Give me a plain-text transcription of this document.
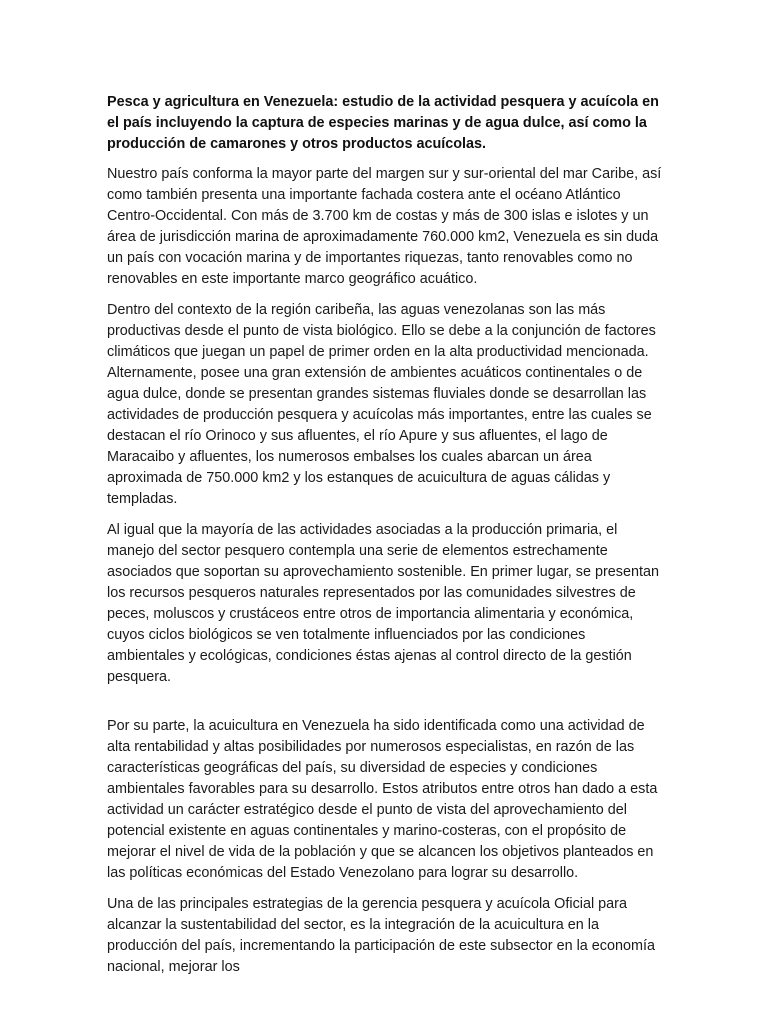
Pesca y agricultura en Venezuela: estudio de la actividad pesquera y acuícola en el país incluyendo la captura de especies marinas y de agua dulce, así como la producción de camarones y otros productos acuícolas.

Nuestro país conforma la mayor parte del margen sur y sur-oriental del mar Caribe, así como también presenta una importante fachada costera ante el océano Atlántico Centro-Occidental. Con más de 3.700 km de costas y más de 300 islas e islotes y un área de jurisdicción marina de aproximadamente 760.000 km2, Venezuela es sin duda un país con vocación marina y de importantes riquezas, tanto renovables como no renovables en este importante marco geográfico acuático.

Dentro del contexto de la región caribeña, las aguas venezolanas son las más productivas desde el punto de vista biológico. Ello se debe a la conjunción de factores climáticos que juegan un papel de primer orden en la alta productividad mencionada. Alternamente, posee una gran extensión de ambientes acuáticos continentales o de agua dulce, donde se presentan grandes sistemas fluviales donde se desarrollan las actividades de producción pesquera y acuícolas más importantes, entre las cuales se destacan el río Orinoco y sus afluentes, el río Apure y sus afluentes, el lago de Maracaibo y afluentes, los numerosos embalses los cuales abarcan un área aproximada de 750.000 km2 y los estanques de acuicultura de aguas cálidas y templadas.

Al igual que la mayoría de las actividades asociadas a la producción primaria, el manejo del sector pesquero contempla una serie de elementos estrechamente asociados que soportan su aprovechamiento sostenible. En primer lugar, se presentan los recursos pesqueros naturales representados por las comunidades silvestres de peces, moluscos y crustáceos entre otros de importancia alimentaria y económica, cuyos ciclos biológicos se ven totalmente influenciados por las condiciones ambientales y ecológicas, condiciones éstas ajenas al control directo de la gestión pesquera.

Por su parte, la acuicultura en Venezuela ha sido identificada como una actividad de alta rentabilidad y altas posibilidades por numerosos especialistas, en razón de las características geográficas del país, su diversidad de especies y condiciones ambientales favorables para su desarrollo. Estos atributos entre otros han dado a esta actividad un carácter estratégico desde el punto de vista del aprovechamiento del potencial existente en aguas continentales y marino-costeras, con el propósito de mejorar el nivel de vida de la población y que se alcancen los objetivos planteados en las políticas económicas del Estado Venezolano para lograr su desarrollo.

Una de las principales estrategias de la gerencia pesquera y acuícola Oficial para alcanzar la sustentabilidad del sector, es la integración de la acuicultura en la producción del país, incrementando la participación de este subsector en la economía nacional, mejorar los
